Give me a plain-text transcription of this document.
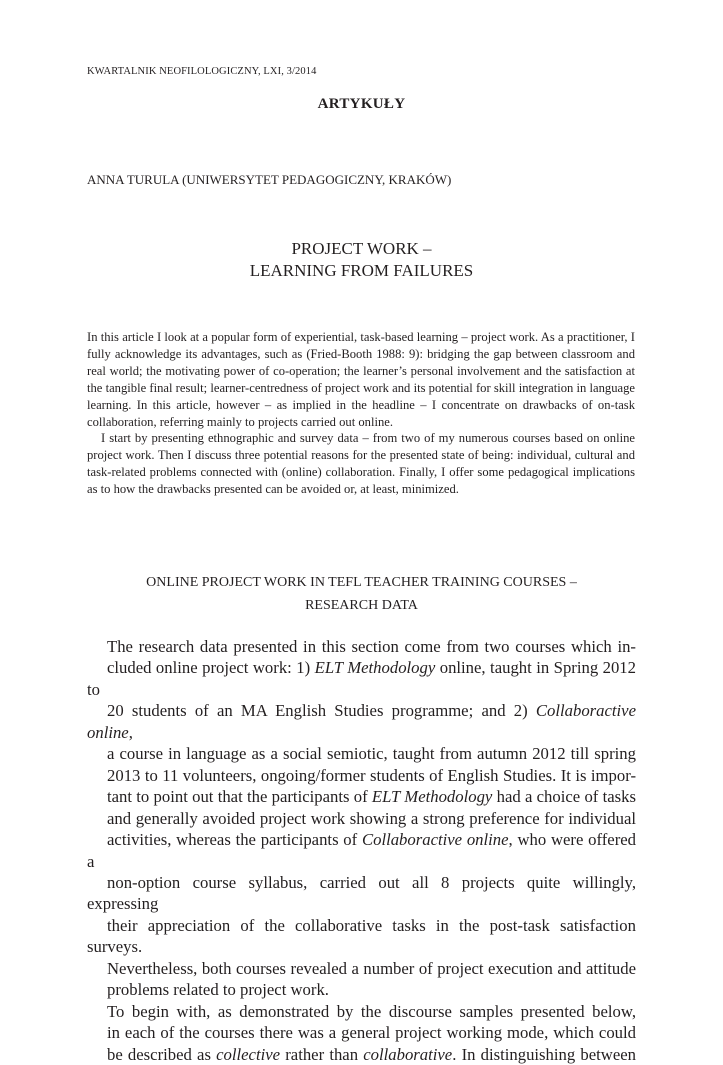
KWARTALNIK NEOFILOLOGICZNY, LXI, 3/2014
ARTYKUŁY
ANNA TURULA (UNIWERSYTET PEDAGOGICZNY, KRAKÓW)
PROJECT WORK –
LEARNING FROM FAILURES

In this article I look at a popular form of experiential, task-based learning – project work. As a practitioner, I fully acknowledge its advantages, such as (Fried-Booth 1988: 9): bridging the gap between classroom and real world; the motivating power of co-operation; the learner’s personal involvement and the satisfaction at the tangible final result; learner-centredness of project work and its potential for skill integration in language learning. In this article, however – as implied in the headline – I concentrate on drawbacks of on-task collaboration, referring mainly to projects carried out online.

I start by presenting ethnographic and survey data – from two of my numerous courses based on online project work. Then I discuss three potential reasons for the presented state of being: individual, cultural and task-related problems connected with (online) collaboration. Finally, I offer some pedagogical implications as to how the drawbacks presented can be avoided or, at least, minimized.

ONLINE PROJECT WORK IN TEFL TEACHER TRAINING COURSES –
RESEARCH DATA

The research data presented in this section come from two courses which in-
cluded online project work: 1) ELT Methodology online, taught in Spring 2012 to
20 students of an MA English Studies programme; and 2) Collaboractive online,
a course in language as a social semiotic, taught from autumn 2012 till spring
2013 to 11 volunteers, ongoing/former students of English Studies. It is impor-
tant to point out that the participants of ELT Methodology had a choice of tasks
and generally avoided project work showing a strong preference for individual
activities, whereas the participants of Collaboractive online, who were offered a
non-option course syllabus, carried out all 8 projects quite willingly, expressing
their appreciation of the collaborative tasks in the post-task satisfaction surveys.
Nevertheless, both courses revealed a number of project execution and attitude
problems related to project work.

To begin with, as demonstrated by the discourse samples presented below,
in each of the courses there was a general project working mode, which could
be described as collective rather than collaborative. In distinguishing between
